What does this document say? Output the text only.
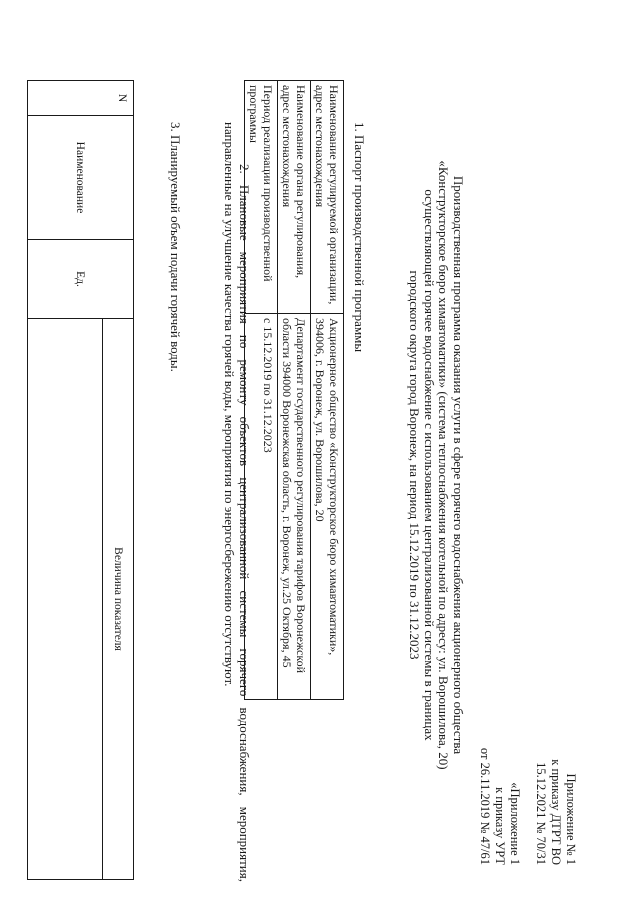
Приложение № 1
к приказу ДТРТ ВО
15.12.2021 № 70/31
«Приложение 1
к приказу УРТ
от 26.11.2019 № 47/61
Производственная программа оказания услуги в сфере горячего водоснабжения акционерного общества
«Конструкторское бюро химавтоматики» (система теплоснабжения котельной по адресу: ул. Ворошилова, 20)
осуществляющей горячее водоснабжение с использованием централизованной системы в границах
городского округа город Воронеж, на период 15.12.2019 по 31.12.2023
1. Паспорт производственной программы
Наименование регулируемой организации, адрес местонахождения	Акционерное общество «Конструкторское бюро химавтоматики», 394006, г. Воронеж, ул. Ворошилова, 20
Наименование органа регулирования, адрес местонахождения	Департамент государственного регулирования тарифов Воронежской области 394000 Воронежская область, г. Воронеж, ул.25 Октября, 45
Период реализации производственной программы	с 15.12.2019 по 31.12.2023
2. Плановые мероприятия по ремонту объектов централизованной системы горячего водоснабжения, мероприятия, направленные на улучшение качества горячей воды, мероприятия по энергосбережению отсутствуют.
3. Планируемый объем подачи горячей воды.
N	Наименование	Ед.	Величина показателя
